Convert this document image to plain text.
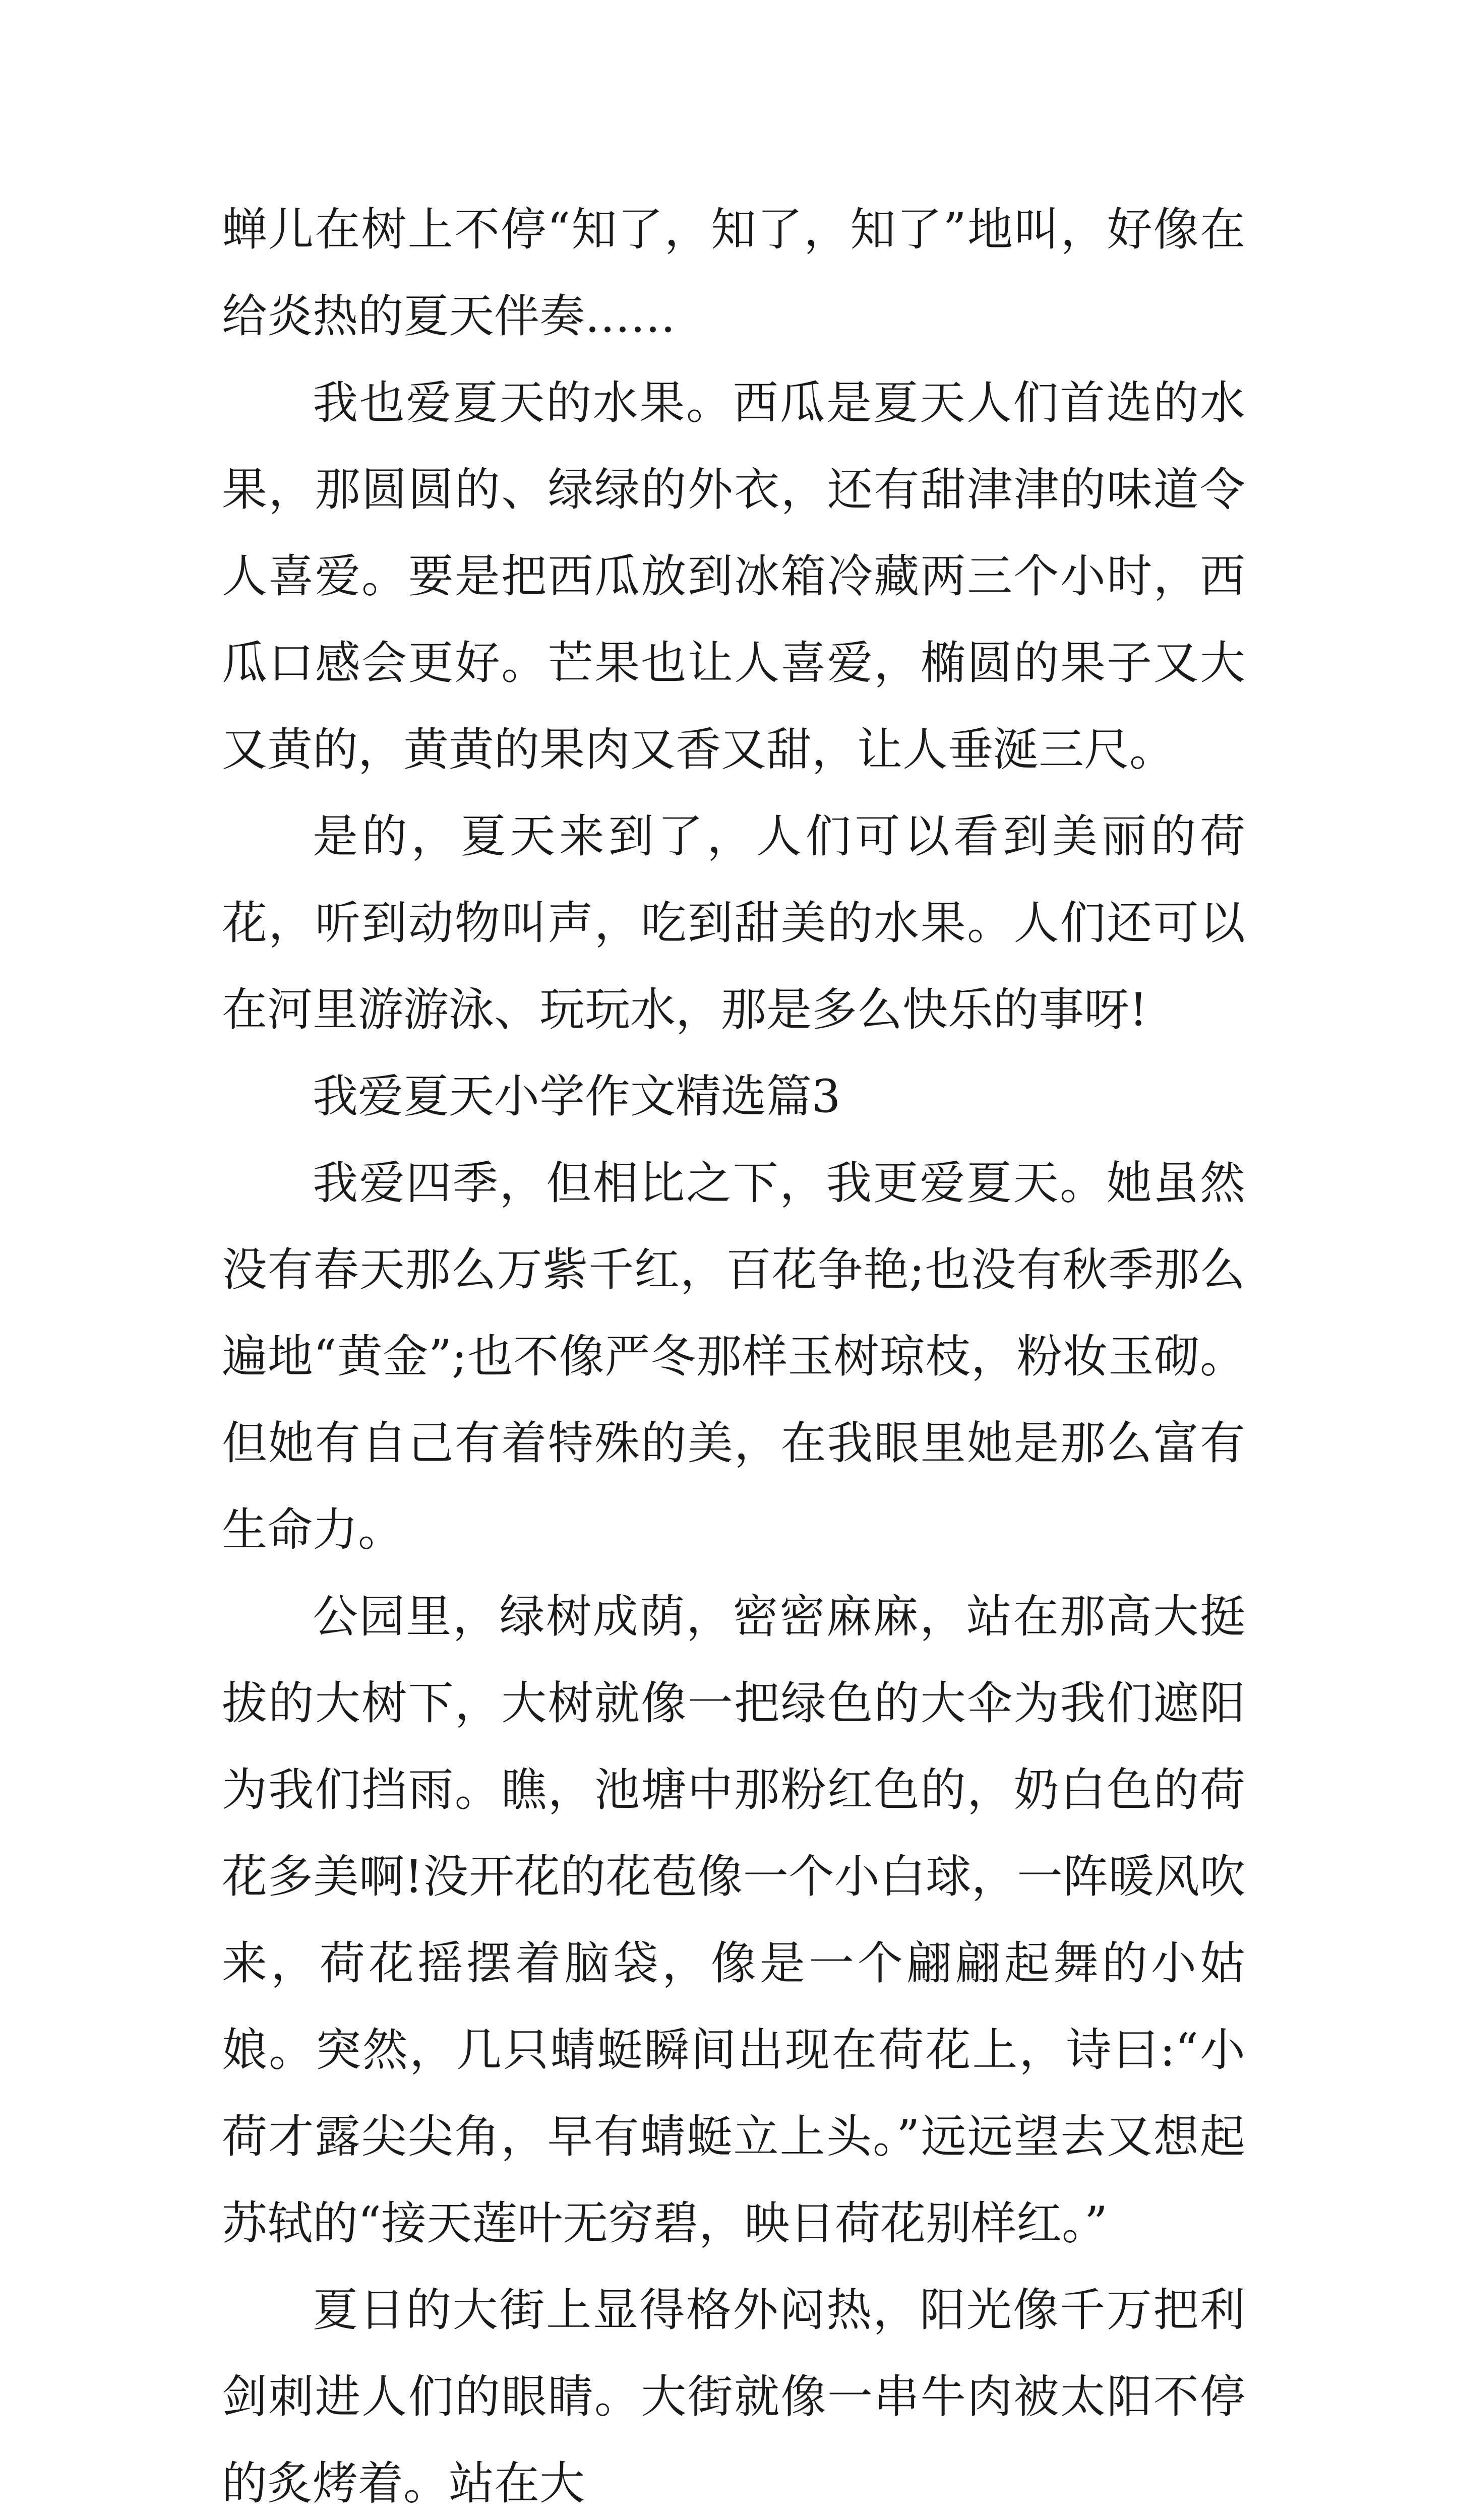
蝉儿在树上不停“知了，知了，知了”地叫，好像在给炎热的夏天伴奏……

我也爱夏天的水果。西瓜是夏天人们首选的水果，那圆圆的、绿绿的外衣，还有甜津津的味道令人喜爱。要是把西瓜放到冰箱冷藏两三个小时，西瓜口感会更好。芒果也让人喜爱，椭圆的果子又大又黄的，黄黄的果肉又香又甜，让人垂涎三尺。

是的，夏天来到了，人们可以看到美丽的荷花，听到动物叫声，吃到甜美的水果。人们还可以在河里游游泳、玩玩水，那是多么快乐的事呀!

我爱夏天小学作文精选篇3

我爱四季，但相比之下，我更爱夏天。她虽然没有春天那么万紫千红，百花争艳;也没有秋季那么遍地“黄金”;也不像严冬那样玉树琼枝，粉妆玉砌。但她有自己有着特殊的美，在我眼里她是那么富有生命力。

公园里，绿树成荫，密密麻麻，站在那高大挺拔的大树下，大树就像一把绿色的大伞为我们遮阳为我们挡雨。瞧，池塘中那粉红色的，奶白色的荷花多美啊!没开花的花苞像一个小白球，一阵暖风吹来，荷花摇摆着脑袋，像是一个翩翩起舞的小姑娘。突然，几只蜻蜓瞬间出现在荷花上，诗曰:“小荷才露尖尖角，早有蜻蜓立上头。”远远望去又想起苏轼的“接天莲叶无穷碧，映日荷花别样红。”

夏日的大街上显得格外闷热，阳光像千万把利剑刺进人们的眼睛。大街就像一串牛肉被太阳不停的炙烤着。站在大
